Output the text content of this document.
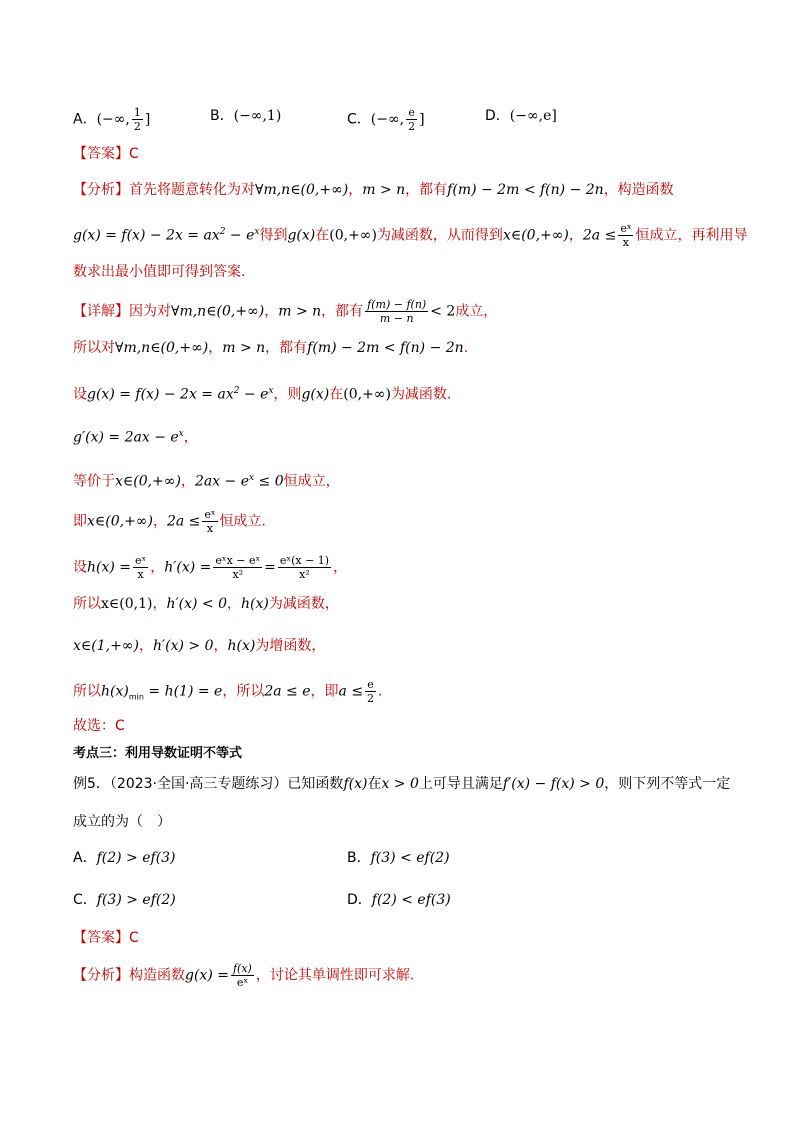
A．(−∞, $\frac{1}{2}$ ]	B．(−∞,1)	C．(−∞, $\frac{e}{2}$ ]	D．(−∞,e]
【答案】C
【分析】首先将题意转化为对∀m,n∈(0,+∞)，m > n，都有f(m) − 2m < f(n) − 2n，构造函数
$g(x) = f(x) - 2x = ax^2 - e^x$得到g(x)在(0,+∞)为减函数，从而得到x∈(0,+∞)，$2a \le \frac{\text{eˣ}}{x}$ 恒成立，再利用导
数求出最小值即可得到答案.
【详解】因为对∀m,n∈(0,+∞)，m > n，都有 $\frac{f(m) - f(n)}{m - n} < 2$成立，
所以对∀m,n∈(0,+∞)，m > n，都有f(m) − 2m < f(n) − 2n.
设$g(x) = f(x) - 2x = ax^2 - e^x$，则g(x)在(0,+∞)为减函数.
$g'(x) = 2ax - e^x$，
等价于x∈(0,+∞)，$2ax - e^x \le 0$恒成立，
即x∈(0,+∞)，$2a \le \frac{\text{eˣ}}{x}$ 恒成立.
设$h(x) = \frac{\text{eˣ}}{x}$ ，$h'(x) = \frac{\text{eˣx − eˣ}}{\text{x²}} = \frac{\text{eˣ(x − 1)}}{\text{x²}}$ ，
所以x∈(0,1)，h′(x) < 0，h(x)为减函数，
x∈(1,+∞)，h′(x) > 0，h(x)为增函数，
所以$h(x)_{min} = h(1) = e$，所以2a ≤ e，即$a \le \frac{e}{2}$ .
故选：C
考点三：利用导数证明不等式
例5．（2023·全国·高三专题练习）已知函数f(x)在x > 0上可导且满足f′(x) − f(x) > 0，则下列不等式一定
成立的为（　）
A．f(2) > ef(3)	B．f(3) < ef(2)
C．f(3) > ef(2)	D．f(2) < ef(3)
【答案】C
【分析】构造函数$g(x) = \frac{f(x)}{\text{eˣ}}$ ，讨论其单调性即可求解.
